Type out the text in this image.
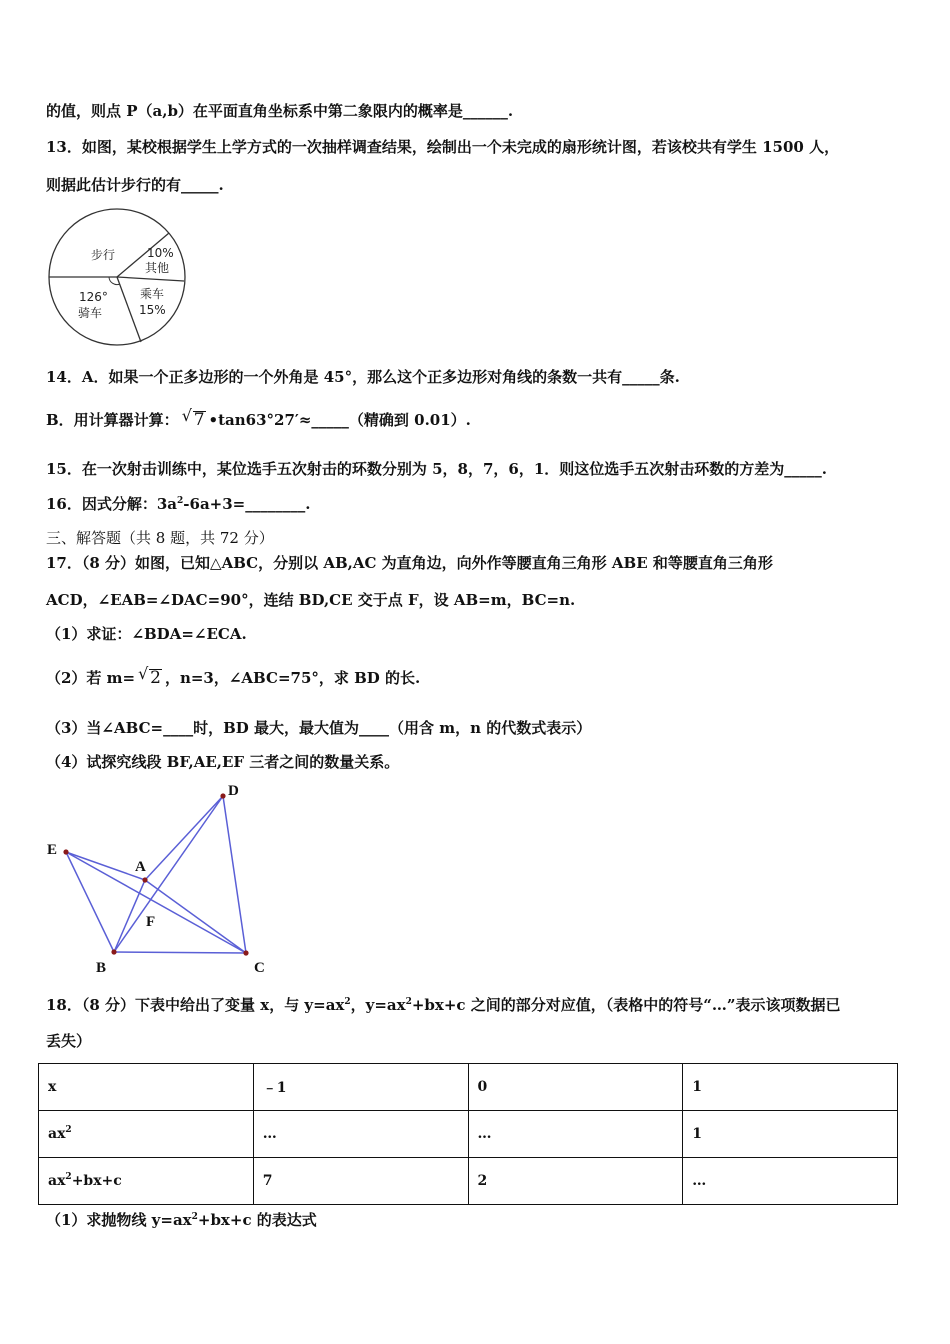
的值，则点 P（a,b）在平面直角坐标系中第二象限内的概率是______.
13．如图，某校根据学生上学方式的一次抽样调查结果，绘制出一个未完成的扇形统计图，若该校共有学生 1500 人，
则据此估计步行的有_____.
步行	10%
其他
乘车
15%
126°
骑车
14．A．如果一个正多边形的一个外角是 45°，那么这个正多边形对角线的条数一共有_____条.
B．用计算器计算： √ 7 •tan63°27′≈_____（精确到 0.01）.
15．在一次射击训练中，某位选手五次射击的环数分别为 5，8，7，6，1．则这位选手五次射击环数的方差为_____.
16．因式分解：$3a^2-6a+3=\_\_\_\_\_\_\_\_$.
三、解答题（共 8 题，共 72 分）
17．（8 分）如图，已知△ABC，分别以 AB,AC 为直角边，向外作等腰直角三角形 ABE 和等腰直角三角形
ACD，∠EAB=∠DAC=90°，连结 BD,CE 交于点 F，设 AB=m，BC=n.
（1）求证：∠BDA=∠ECA.
（2）若 m= √ 2 ，n=3，∠ABC=75°，求 BD 的长.
（3）当∠ABC=____时，BD 最大，最大值为____（用含 m，n 的代数式表示）
（4）试探究线段 BF,AE,EF 三者之间的数量关系。
D
E
A
F
B	C
18．（8 分）下表中给出了变量 x，与 $y=ax^2$，$y=ax^2+bx+c$ 之间的部分对应值，（表格中的符号“…”表示该项数据已
丢失）
x	﹣1	0	1
$ax^2$	…	…	1
$ax^2+bx+c$	7	2	…
（1）求抛物线 $y=ax^2+bx+c$ 的表达式
